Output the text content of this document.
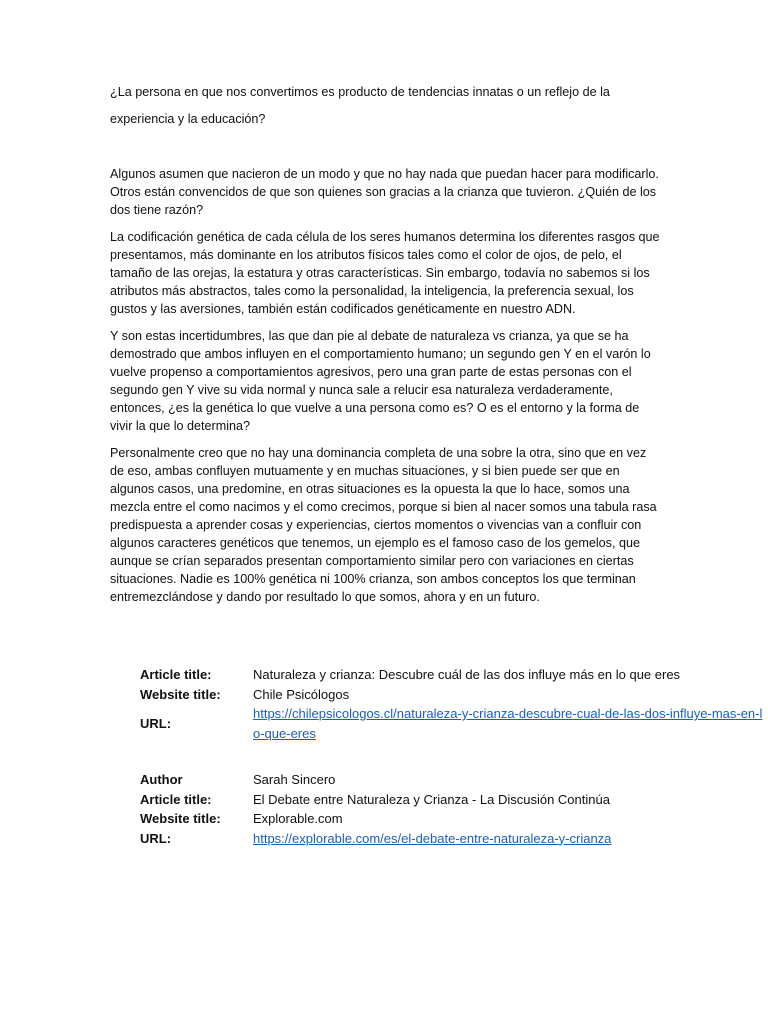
¿La persona en que nos convertimos es producto de tendencias innatas o un reflejo de la

experiencia y la educación?

Algunos asumen que nacieron de un modo y que no hay nada que puedan hacer para modificarlo. Otros están convencidos de que son quienes son gracias a la crianza que tuvieron. ¿Quién de los dos tiene razón?

La codificación genética de cada célula de los seres humanos determina los diferentes rasgos que presentamos, más dominante en los atributos físicos tales como el color de ojos, de pelo, el tamaño de las orejas, la estatura y otras características. Sin embargo, todavía no sabemos si los atributos más abstractos, tales como la personalidad, la inteligencia, la preferencia sexual, los gustos y las aversiones, también están codificados genéticamente en nuestro ADN.

Y son estas incertidumbres, las que dan pie al debate de naturaleza vs crianza, ya que se ha demostrado que ambos influyen en el comportamiento humano; un segundo gen Y en el varón lo vuelve propenso a comportamientos agresivos, pero una gran parte de estas personas con el segundo gen Y vive su vida normal y nunca sale a relucir esa naturaleza verdaderamente, entonces, ¿es la genética lo que vuelve a una persona como es? O es el entorno y la forma de vivir la que lo determina?

Personalmente creo que no hay una dominancia completa de una sobre la otra, sino que en vez de eso, ambas confluyen mutuamente y en muchas situaciones, y si bien puede ser que en algunos casos, una predomine, en otras situaciones es la opuesta la que lo hace, somos una mezcla entre el como nacimos y el como crecimos, porque si bien al nacer somos una tabula rasa predispuesta a aprender cosas y experiencias, ciertos momentos o vivencias van a confluir con algunos caracteres genéticos que tenemos, un ejemplo es el famoso caso de los gemelos, que aunque se crían separados presentan comportamiento similar pero con variaciones en ciertas situaciones. Nadie es 100% genética ni 100% crianza, son ambos conceptos los que terminan entremezclándose y dando por resultado lo que somos, ahora y en un futuro.

Article title:	Naturaleza y crianza: Descubre cuál de las dos influye más en lo que eres
Website title:	Chile Psicólogos
URL:
https://chilepsicologos.cl/naturaleza-y-crianza-descubre-cual-de-las-dos-influye-mas-en-lo-que-eres
Author	Sarah Sincero
Article title:	El Debate entre Naturaleza y Crianza - La Discusión Continúa
Website title:	Explorable.com
URL:	https://explorable.com/es/el-debate-entre-naturaleza-y-crianza
